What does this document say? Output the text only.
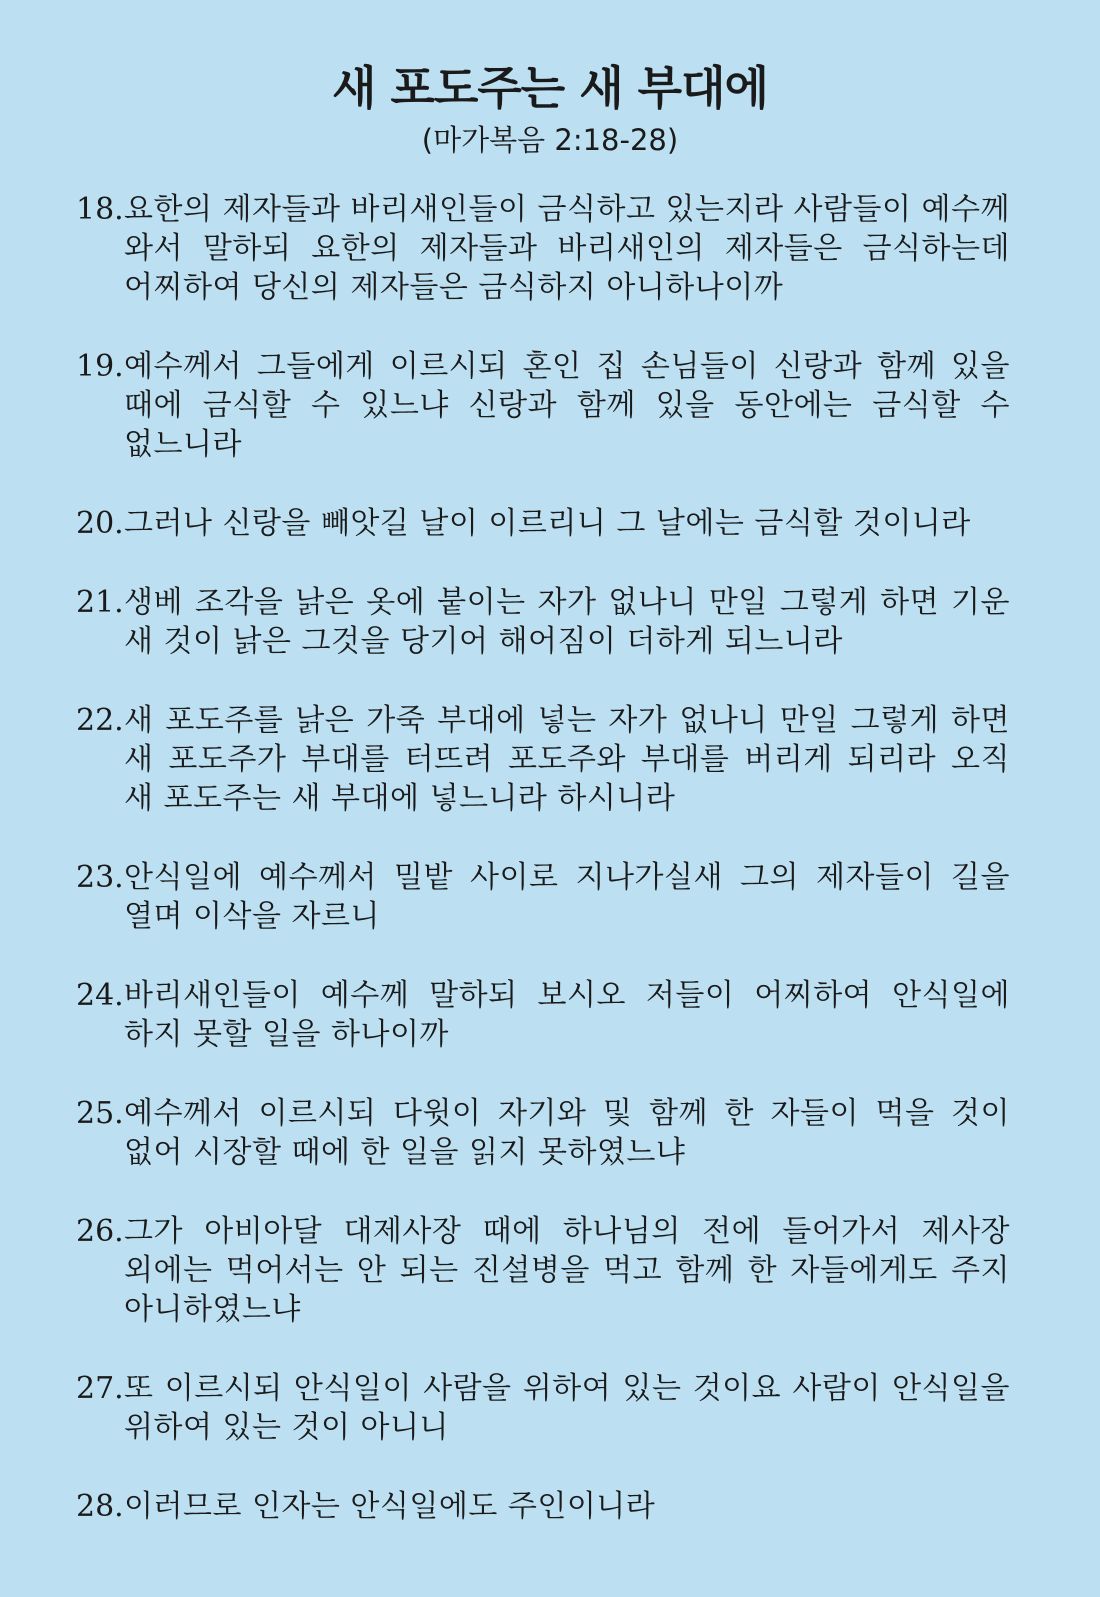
새 포도주는 새 부대에
(마가복음 2:18-28)
18. 요한의 제자들과 바리새인들이 금식하고 있는지라 사람들이 예수께 와서 말하되 요한의 제자들과 바리새인의 제자들은 금식하는데 어찌하여 당신의 제자들은 금식하지 아니하나이까
19. 예수께서 그들에게 이르시되 혼인 집 손님들이 신랑과 함께 있을 때에 금식할 수 있느냐 신랑과 함께 있을 동안에는 금식할 수 없느니라
20. 그러나 신랑을 빼앗길 날이 이르리니 그 날에는 금식할 것이니라
21. 생베 조각을 낡은 옷에 붙이는 자가 없나니 만일 그렇게 하면 기운 새 것이 낡은 그것을 당기어 해어짐이 더하게 되느니라
22. 새 포도주를 낡은 가죽 부대에 넣는 자가 없나니 만일 그렇게 하면 새 포도주가 부대를 터뜨려 포도주와 부대를 버리게 되리라 오직 새 포도주는 새 부대에 넣느니라 하시니라
23. 안식일에 예수께서 밀밭 사이로 지나가실새 그의 제자들이 길을 열며 이삭을 자르니
24. 바리새인들이 예수께 말하되 보시오 저들이 어찌하여 안식일에 하지 못할 일을 하나이까
25. 예수께서 이르시되 다윗이 자기와 및 함께 한 자들이 먹을 것이 없어 시장할 때에 한 일을 읽지 못하였느냐
26. 그가 아비아달 대제사장 때에 하나님의 전에 들어가서 제사장 외에는 먹어서는 안 되는 진설병을 먹고 함께 한 자들에게도 주지 아니하였느냐
27. 또 이르시되 안식일이 사람을 위하여 있는 것이요 사람이 안식일을 위하여 있는 것이 아니니
28. 이러므로 인자는 안식일에도 주인이니라
